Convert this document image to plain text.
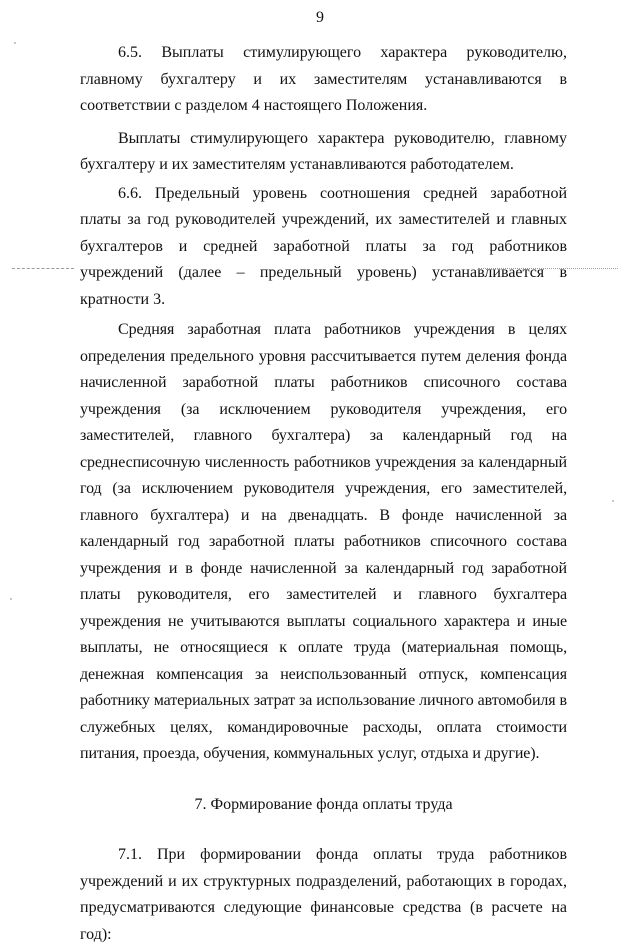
9

6.5. Выплаты стимулирующего характера руководителю, главному бухгалтеру и их заместителям устанавливаются в соответствии с разделом 4 настоящего Положения.

Выплаты стимулирующего характера руководителю, главному бухгалтеру и их заместителям устанавливаются работодателем.

6.6. Предельный уровень соотношения средней заработной платы за год руководителей учреждений, их заместителей и главных бухгалтеров и средней заработной платы за год работников учреждений (далее – предельный уровень) устанавливается в кратности 3.

Средняя заработная плата работников учреждения в целях определения предельного уровня рассчитывается путем деления фонда начисленной заработной платы работников списочного состава учреждения (за исключением руководителя учреждения, его заместителей, главного бухгалтера) за календарный год на среднесписочную численность работников учреждения за календарный год (за исключением руководителя учреждения, его заместителей, главного бухгалтера) и на двенадцать. В фонде начисленной за календарный год заработной платы работников списочного состава учреждения и в фонде начисленной за календарный год заработной платы руководителя, его заместителей и главного бухгалтера учреждения не учитываются выплаты социального характера и иные выплаты, не относящиеся к оплате труда (материальная помощь, денежная компенсация за неиспользованный отпуск, компенсация работнику материальных затрат за использование личного автомобиля в служебных целях, командировочные расходы, оплата стоимости питания, проезда, обучения, коммунальных услуг, отдыха и другие).

7. Формирование фонда оплаты труда

7.1. При формировании фонда оплаты труда работников учреждений и их структурных подразделений, работающих в городах, предусматриваются следующие финансовые средства (в расчете на год):
